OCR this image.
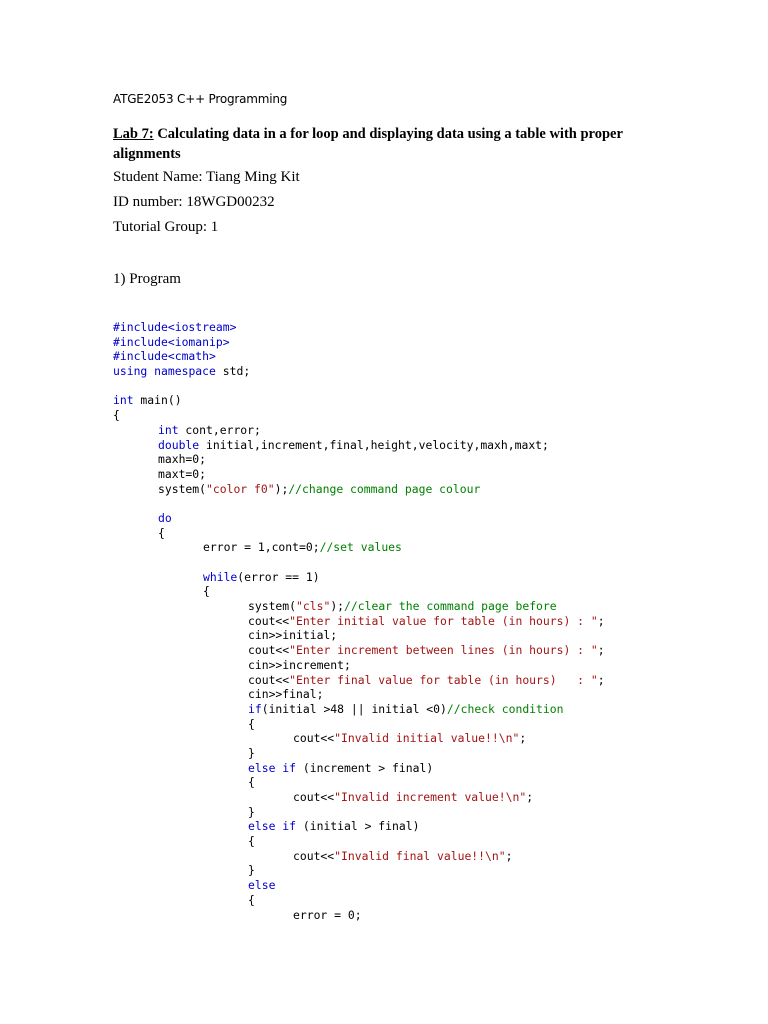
ATGE2053 C++ Programming
Lab 7: Calculating data in a for loop and displaying data using a table with proper alignments
Student Name: Tiang Ming Kit
ID number: 18WGD00232
Tutorial Group: 1
1) Program
#include<iostream>
#include<iomanip>
#include<cmath>
using namespace std;
int main()
{
int cont,error;
double initial,increment,final,height,velocity,maxh,maxt;
maxh=0;
maxt=0;
system("color f0");//change command page colour
do
{
error = 1,cont=0;//set values
while(error == 1)
{
system("cls");//clear the command page before
cout<<"Enter initial value for table (in hours) : ";
cin>>initial;
cout<<"Enter increment between lines (in hours) : ";
cin>>increment;
cout<<"Enter final value for table (in hours)   : ";
cin>>final;
if(initial >48 || initial <0)//check condition
{
cout<<"Invalid initial value!!\n";
}
else if (increment > final)
{
cout<<"Invalid increment value!\n";
}
else if (initial > final)
{
cout<<"Invalid final value!!\n";
}
else
{
error = 0;
